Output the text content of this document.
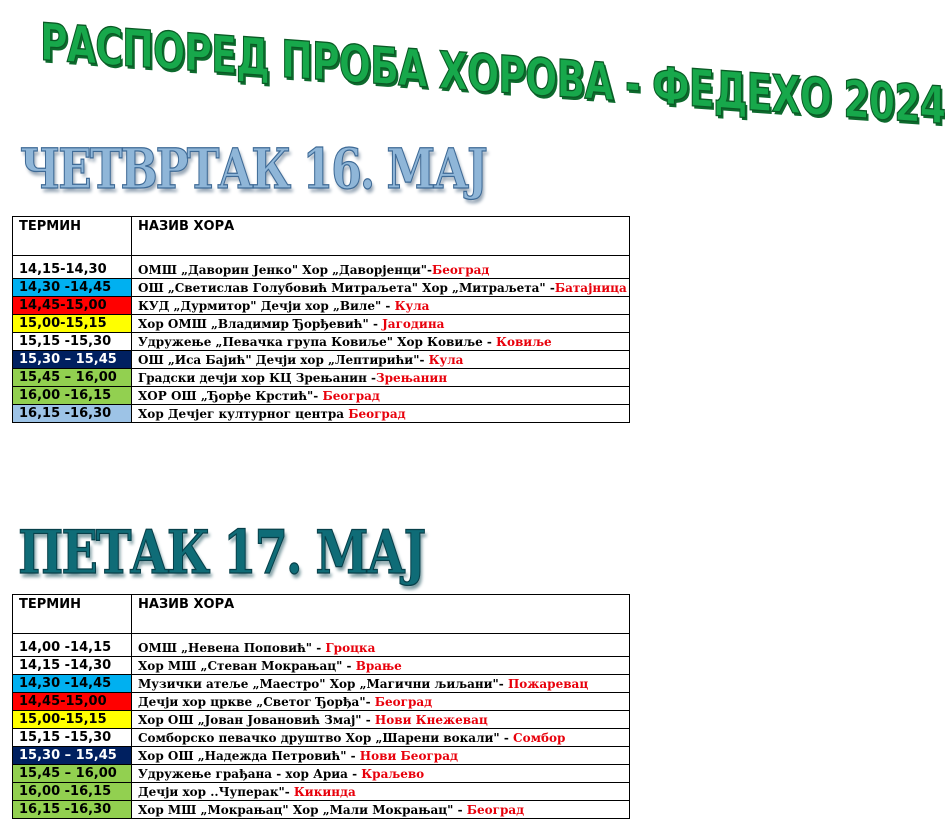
РАСПОРЕД ПРОБА ХОРОВА - ФЕДЕХО 2024
ЧЕТВРТАК 16. МАЈ
ТЕРМИН	НАЗИВ ХОРА
14,15-14,30	ОМШ „Даворин Јенко" Хор „Даворјенци"-Београд
14,30 -14,45	ОШ „Светислав Голубовић Митраљета" Хор „Митраљета" -Батајница
14,45-15,00	КУД „Дурмитор" Дечји хор „Виле" - Кула
15,00-15,15	Хор ОМШ „Владимир Ђорђевић" - Јагодина
15,15 -15,30	Удружење „Певачка група Ковиље" Хор Ковиље - Ковиље
15,30 – 15,45	ОШ „Иса Бајић" Дечји хор „Лептирићи"- Кула
15,45 – 16,00	Градски дечји хор КЦ Зрењанин -Зрењанин
16,00 -16,15	ХОР ОШ „Ђорђе Крстић"- Београд
16,15 -16,30	Хор Дечјег културног центра Београд
ПЕТАК 17. МАЈ
ТЕРМИН	НАЗИВ ХОРА
14,00 -14,15	ОМШ „Невена Поповић" - Гроцка
14,15 -14,30	Хор МШ „Стеван Мокрањац" - Врање
14,30 -14,45	Музички атеље „Маестро" Хор „Магични љиљани"- Пожаревац
14,45-15,00	Дечји хор цркве „Светог Ђорђа"- Београд
15,00-15,15	Хор ОШ „Јован Јовановић Змај" - Нови Кнежевац
15,15 -15,30	Сомборско певачко друштво Хор „Шарени вокали" - Сомбор
15,30 – 15,45	Хор ОШ „Надежда Петровић" - Нови Београд
15,45 – 16,00	Удружење грађана - хор Ариа - Краљево
16,00 -16,15	Дечји хор ..Чуперак"- Кикинда
16,15 -16,30	Хор МШ „Мокрањац" Хор „Мали Мокрањац" - Београд
